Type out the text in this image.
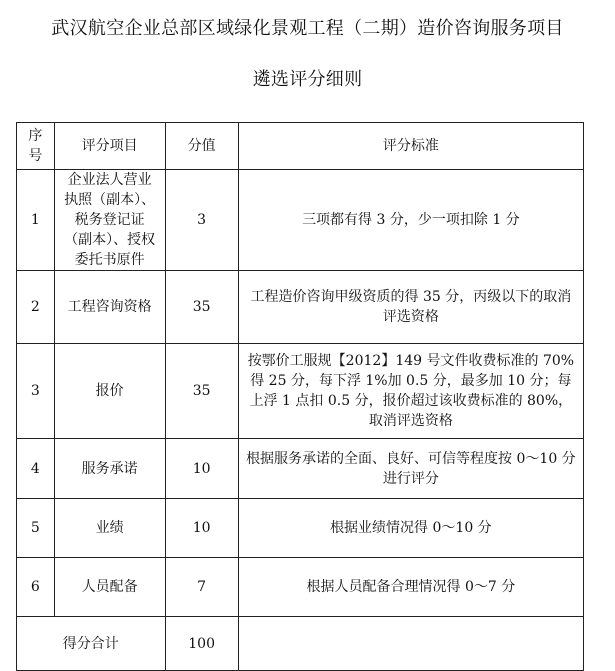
武汉航空企业总部区域绿化景观工程（二期）造价咨询服务项目
遴选评分细则
序号	评分项目	分值	评分标准
1	企业法人营业执照（副本）、税务登记证（副本）、授权委托书原件	3	三项都有得 3 分，少一项扣除 1 分
2	工程咨询资格	35	工程造价咨询甲级资质的得 35 分，丙级以下的取消评选资格
3	报价	35	按鄂价工服规【2012】149 号文件收费标准的 70%得 25 分，每下浮 1%加 0.5 分，最多加 10 分；每上浮 1 点扣 0.5 分，报价超过该收费标准的 80%，取消评选资格
4	服务承诺	10	根据服务承诺的全面、良好、可信等程度按 0～10 分进行评分
5	业绩	10	根据业绩情况得 0～10 分
6	人员配备	7	根据人员配备合理情况得 0～7 分
得分合计		100	
